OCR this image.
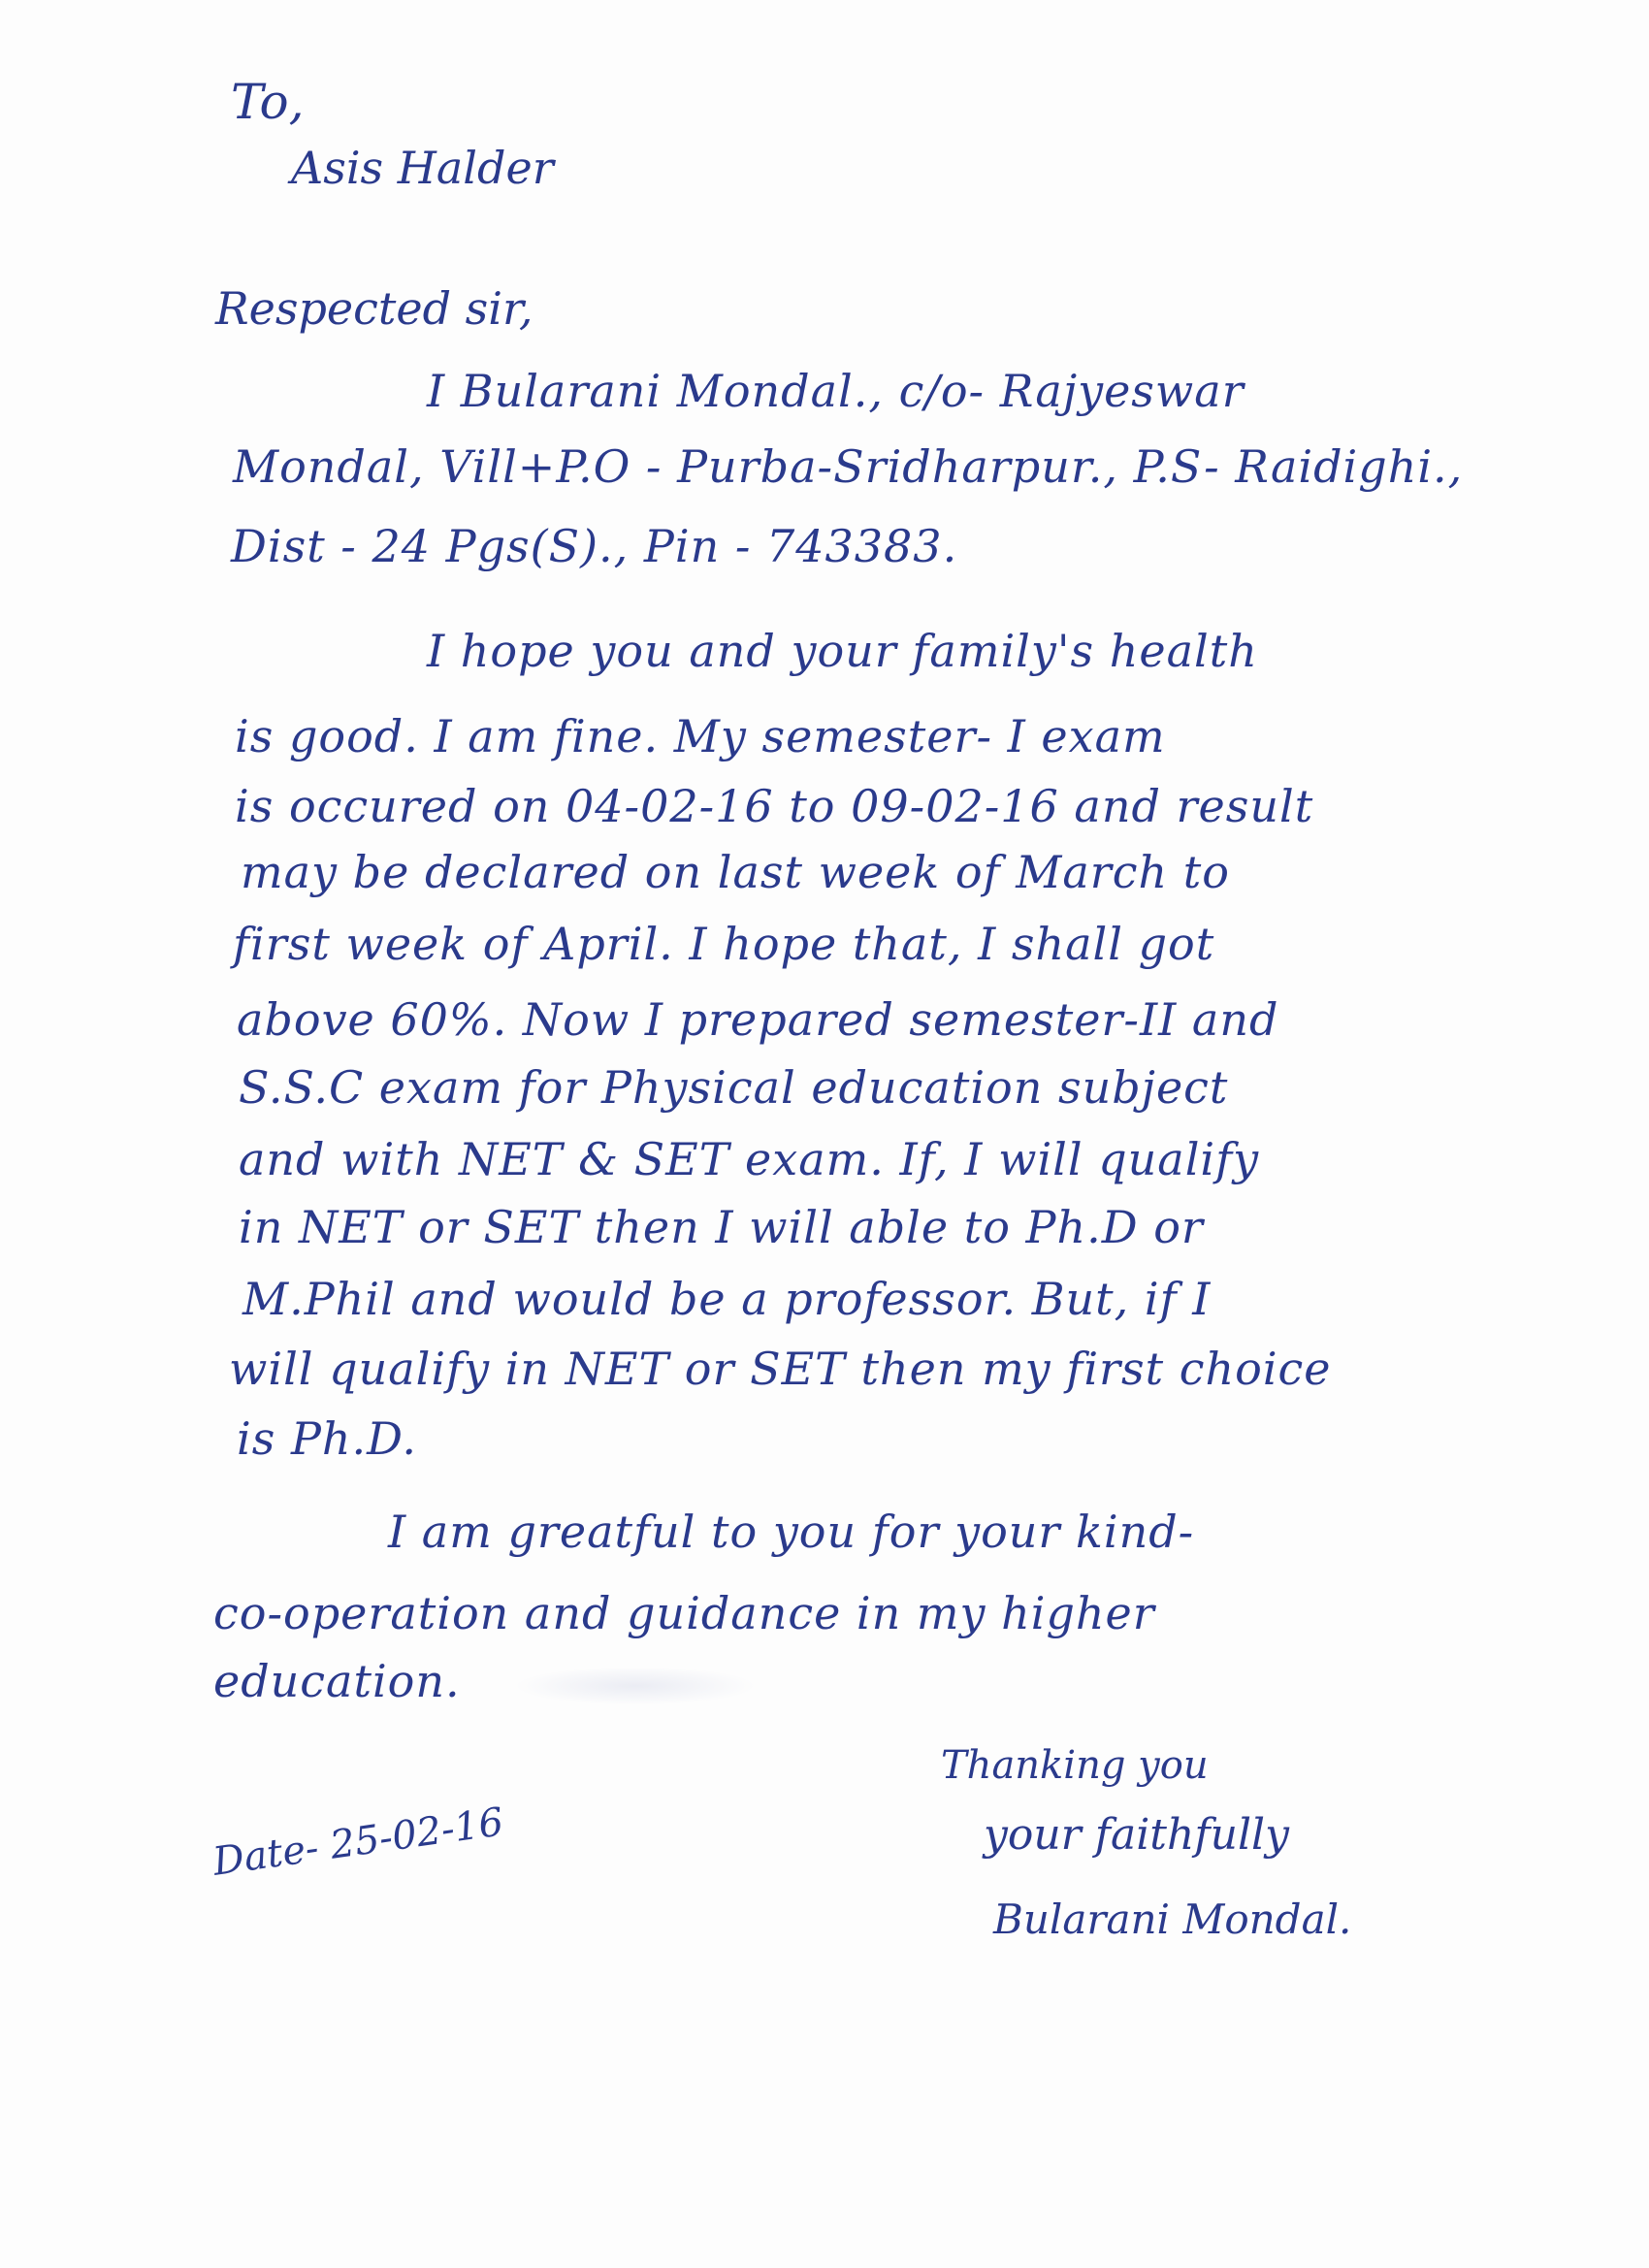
To,
Asis Halder
Respected sir,
I Bularani Mondal., c/o- Rajyeswar
Mondal, Vill+P.O - Purba-Sridharpur., P.S- Raidighi.,
Dist - 24 Pgs(S)., Pin - 743383.
I hope you and your family's health
is good. I am fine. My semester- I exam
is occured on 04-02-16 to 09-02-16 and result
may be declared on last week of March to
first week of April. I hope that, I shall got
above 60%. Now I prepared semester-II and
S.S.C exam for Physical education subject
and with NET & SET exam. If, I will qualify
in NET or SET then I will able to Ph.D or
M.Phil and would be a professor. But, if I
will qualify in NET or SET then my first choice
is Ph.D.
I am greatful to you for your kind-
co-operation and guidance in my higher
education.
Thanking you
your faithfully
Bularani Mondal.
Date- 25-02-16
